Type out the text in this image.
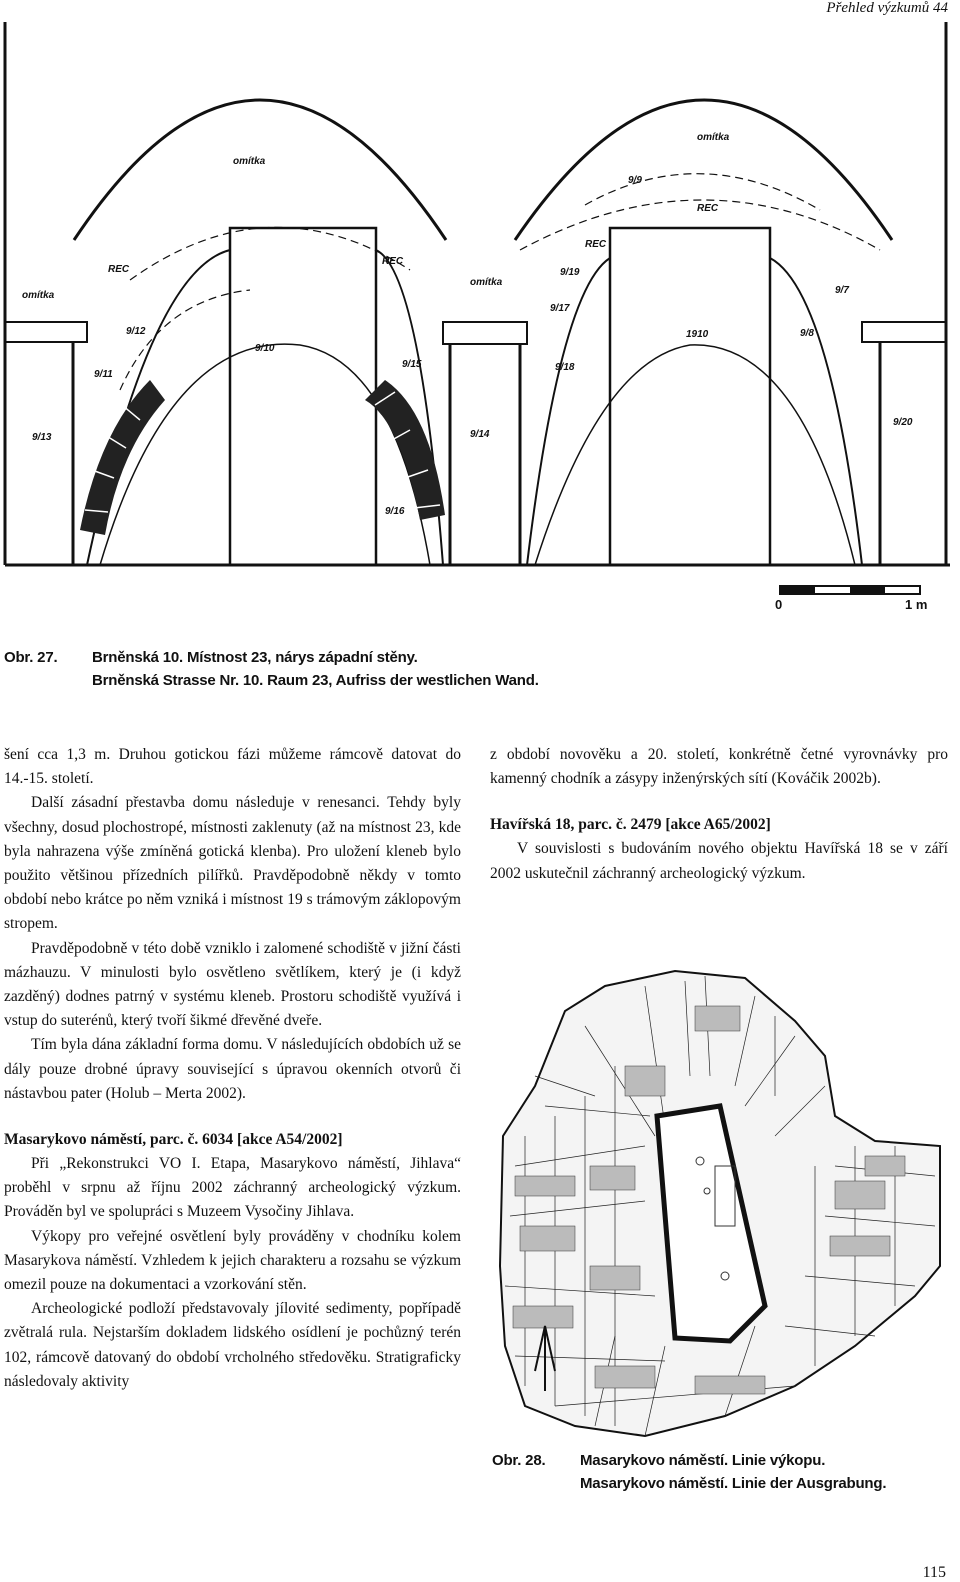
Přehled výzkumů 44
omítka
REC
REC
9/13
9/11
9/12
9/10
9/15
9/16
9/14
omítka
omítka
9/9
REC
REC
9/19
9/17
9/18
1910	9/8
9/7
9/20
omítka
0	1 m
Obr. 27. Brněnská 10. Místnost 23, nárys západní stěny.
Brněnská Strasse Nr. 10. Raum 23, Aufriss der westlichen Wand.

šení cca 1,3 m. Druhou gotickou fázi můžeme rámcově datovat do 14.-15. století.

Další zásadní přestavba domu následuje v renesanci. Tehdy byly všechny, dosud plochostropé, místnosti zaklenuty (až na místnost 23, kde byla nahrazena výše zmíněná gotická klenba). Pro uložení kleneb bylo použito většinou přízedních pilířků. Pravděpodobně někdy v tomto období nebo krátce po něm vzniká i místnost 19 s trámovým záklopovým stropem.

Pravděpodobně v této době vzniklo i zalomené schodiště v jižní části mázhauzu. V minulosti bylo osvětleno světlíkem, který je (i když zazděný) dodnes patrný v systému kleneb. Prostoru schodiště využívá i vstup do suterénů, který tvoří šikmé dřevěné dveře.

Tím byla dána základní forma domu. V následujících obdobích už se dály pouze drobné úpravy související s úpravou okenních otvorů či nástavbou pater (Holub – Merta 2002).

Masarykovo náměstí, parc. č. 6034 [akce A54/2002]

Při „Rekonstrukci VO I. Etapa, Masarykovo náměstí, Jihlava“ proběhl v srpnu až říjnu 2002 záchranný archeologický výzkum. Prováděn byl ve spolupráci s Muzeem Vysočiny Jihlava.

Výkopy pro veřejné osvětlení byly prováděny v chodníku kolem Masarykova náměstí. Vzhledem k jejich charakteru a rozsahu se výzkum omezil pouze na dokumentaci a vzorkování stěn.

Archeologické podloží představovaly jílovité sedimenty, popřípadě zvětralá rula. Nejstarším dokladem lidského osídlení je pochůzný terén 102, rámcově datovaný do období vrcholného středověku. Stratigraficky následovaly aktivity

z období novověku a 20. století, konkrétně četné vyrovnávky pro kamenný chodník a zásypy inženýrských sítí (Kováčik 2002b).

Havířská 18, parc. č. 2479 [akce A65/2002]

V souvislosti s budováním nového objektu Havířská 18 se v září 2002 uskutečnil záchranný archeologický výzkum.

Obr. 28. Masarykovo náměstí. Linie výkopu.
Masarykovo náměstí. Linie der Ausgrabung.
115
